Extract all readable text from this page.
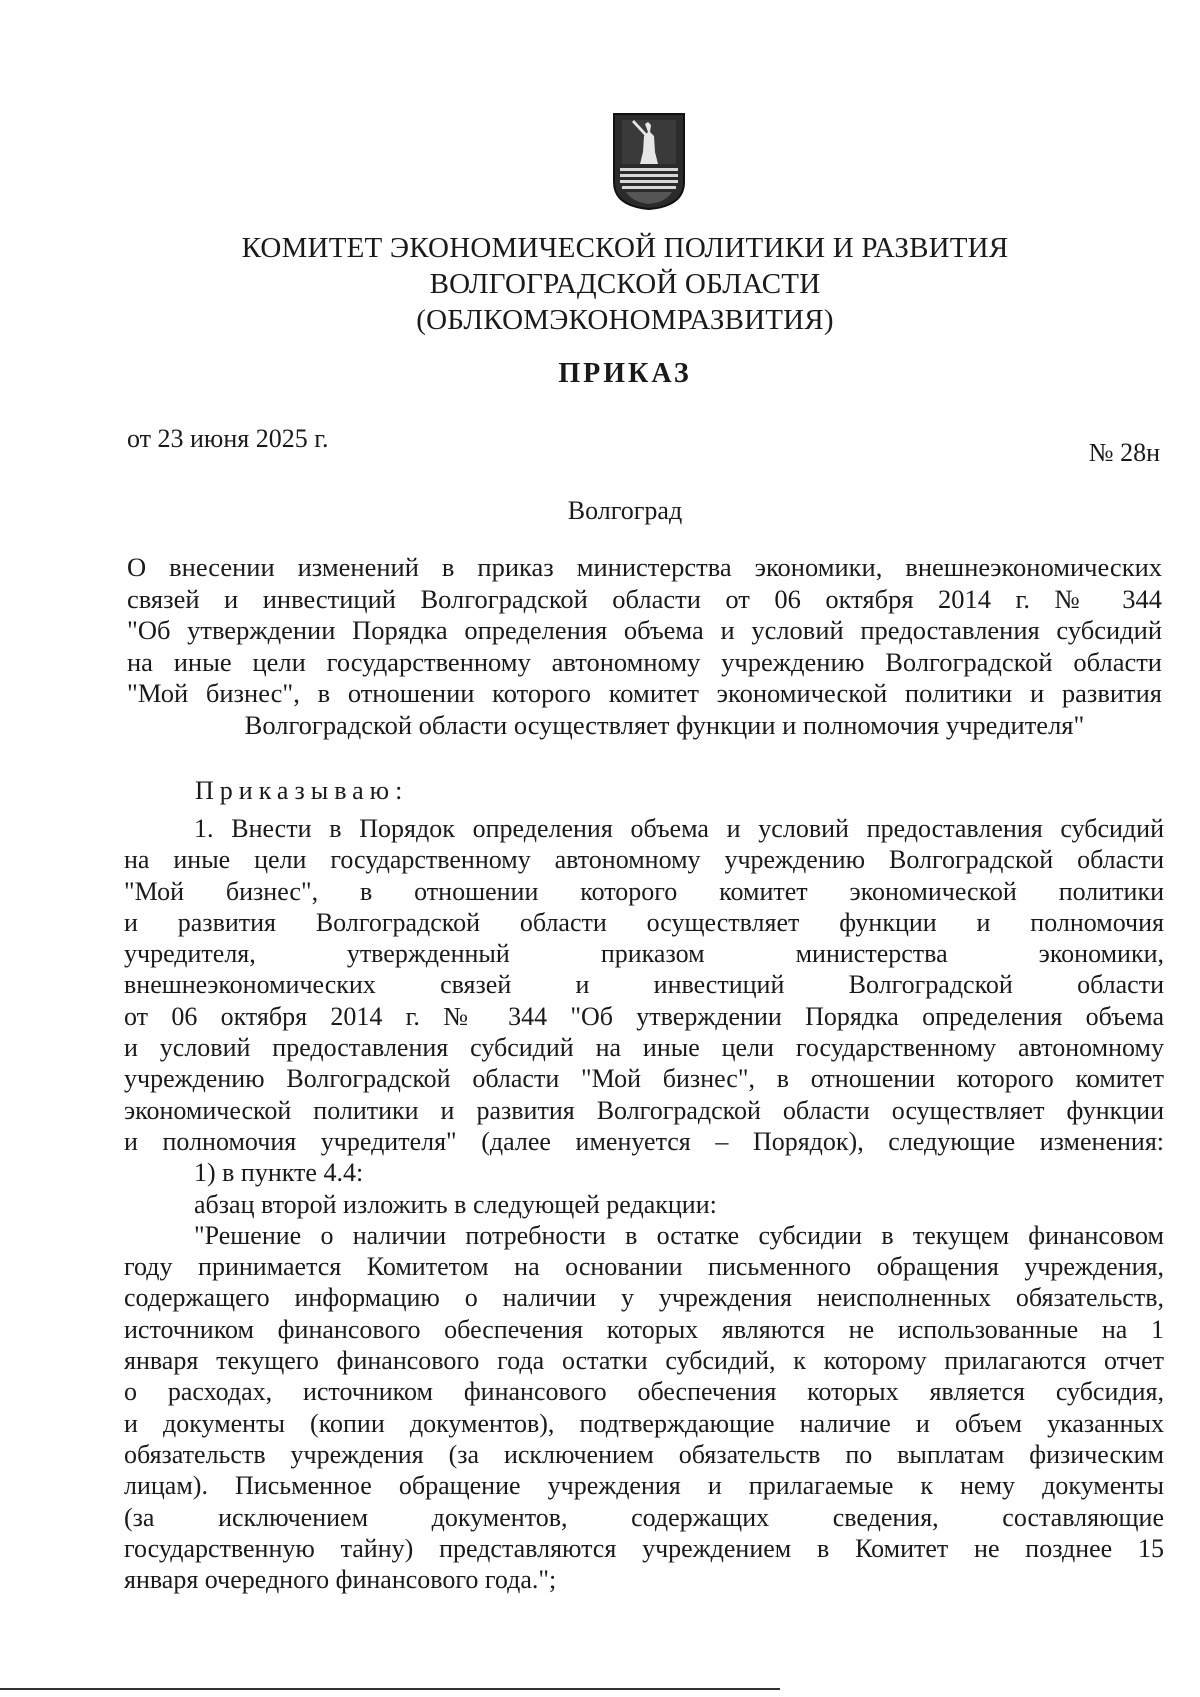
КОМИТЕТ ЭКОНОМИЧЕСКОЙ ПОЛИТИКИ И РАЗВИТИЯ
ВОЛГОГРАДСКОЙ ОБЛАСТИ
(ОБЛКОМЭКОНОМРАЗВИТИЯ)
ПРИКАЗ
от 23 июня 2025 г.	№ 28н
Волгоград
О внесении изменений в приказ министерства экономики, внешнеэкономических
связей и инвестиций Волгоградской области от 06 октября 2014 г. № 344
"Об утверждении Порядка определения объема и условий предоставления субсидий
на иные цели государственному автономному учреждению Волгоградской области
"Мой бизнес", в отношении которого комитет экономической политики и развития
Волгоградской области осуществляет функции и полномочия учредителя"
Приказываю:
1. Внести в Порядок определения объема и условий предоставления субсидий
на иные цели государственному автономному учреждению Волгоградской области
"Мой бизнес", в отношении которого комитет экономической политики
и развития Волгоградской области осуществляет функции и полномочия
учредителя, утвержденный приказом министерства экономики,
внешнеэкономических связей и инвестиций Волгоградской области
от 06 октября 2014 г. № 344 "Об утверждении Порядка определения объема
и условий предоставления субсидий на иные цели государственному автономному
учреждению Волгоградской области "Мой бизнес", в отношении которого комитет
экономической политики и развития Волгоградской области осуществляет функции
и полномочия учредителя" (далее именуется – Порядок), следующие изменения:
1) в пункте 4.4:
абзац второй изложить в следующей редакции:
"Решение о наличии потребности в остатке субсидии в текущем финансовом
году принимается Комитетом на основании письменного обращения учреждения,
содержащего информацию о наличии у учреждения неисполненных обязательств,
источником финансового обеспечения которых являются не использованные на 1
января текущего финансового года остатки субсидий, к которому прилагаются отчет
о расходах, источником финансового обеспечения которых является субсидия,
и документы (копии документов), подтверждающие наличие и объем указанных
обязательств учреждения (за исключением обязательств по выплатам физическим
лицам). Письменное обращение учреждения и прилагаемые к нему документы
(за исключением документов, содержащих сведения, составляющие
государственную тайну) представляются учреждением в Комитет не позднее 15
января очередного финансового года.";
